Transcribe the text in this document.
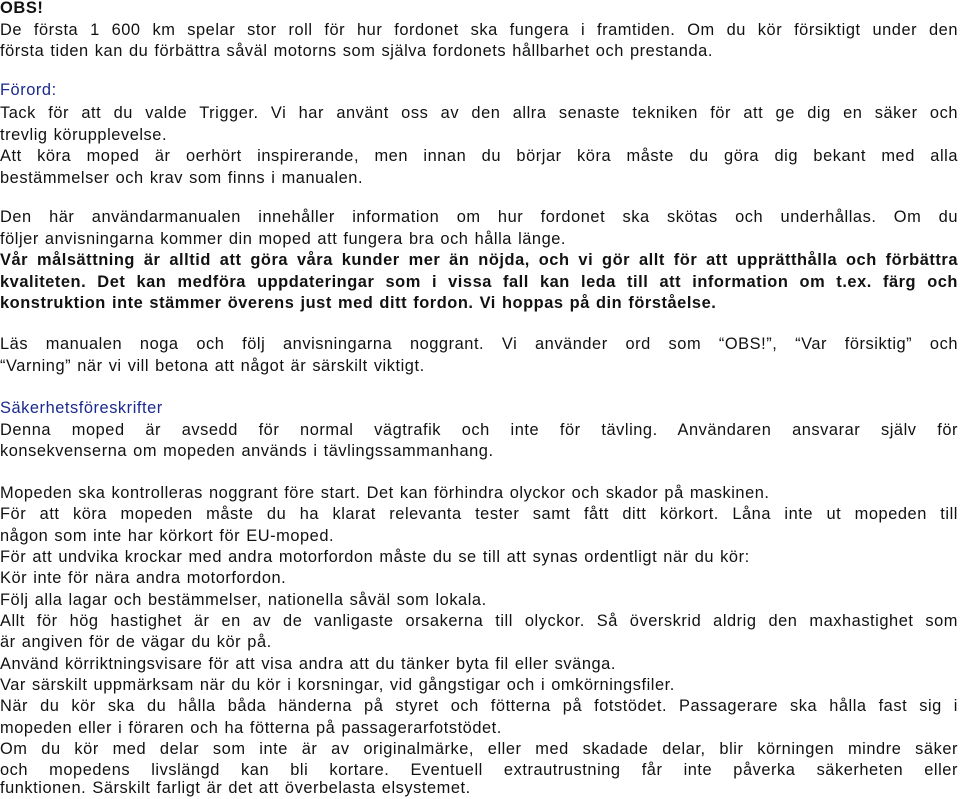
OBS!
De första 1 600 km spelar stor roll för hur fordonet ska fungera i framtiden. Om du kör försiktigt under den
första tiden kan du förbättra såväl motorns som själva fordonets hållbarhet och prestanda.
Förord:
Tack för att du valde Trigger. Vi har använt oss av den allra senaste tekniken för att ge dig en säker och
trevlig körupplevelse.
Att köra moped är oerhört inspirerande, men innan du börjar köra måste du göra dig bekant med alla
bestämmelser och krav som finns i manualen.
Den här användarmanualen innehåller information om hur fordonet ska skötas och underhållas. Om du
följer anvisningarna kommer din moped att fungera bra och hålla länge.
Vår målsättning är alltid att göra våra kunder mer än nöjda, och vi gör allt för att upprätthålla och förbättra
kvaliteten. Det kan medföra uppdateringar som i vissa fall kan leda till att information om t.ex. färg och
konstruktion inte stämmer överens just med ditt fordon. Vi hoppas på din förståelse.
Läs manualen noga och följ anvisningarna noggrant. Vi använder ord som “OBS!”, “Var försiktig” och
“Varning” när vi vill betona att något är särskilt viktigt.
Säkerhetsföreskrifter
Denna moped är avsedd för normal vägtrafik och inte för tävling. Användaren ansvarar själv för
konsekvenserna om mopeden används i tävlingssammanhang.
Mopeden ska kontrolleras noggrant före start. Det kan förhindra olyckor och skador på maskinen.
För att köra mopeden måste du ha klarat relevanta tester samt fått ditt körkort. Låna inte ut mopeden till
någon som inte har körkort för EU-moped.
För att undvika krockar med andra motorfordon måste du se till att synas ordentligt när du kör:
Kör inte för nära andra motorfordon.
Följ alla lagar och bestämmelser, nationella såväl som lokala.
Allt för hög hastighet är en av de vanligaste orsakerna till olyckor. Så överskrid aldrig den maxhastighet som
är angiven för de vägar du kör på.
Använd körriktningsvisare för att visa andra att du tänker byta fil eller svänga.
Var särskilt uppmärksam när du kör i korsningar, vid gångstigar och i omkörningsfiler.
När du kör ska du hålla båda händerna på styret och fötterna på fotstödet. Passagerare ska hålla fast sig i
mopeden eller i föraren och ha fötterna på passagerarfotstödet.
Om du kör med delar som inte är av originalmärke, eller med skadade delar, blir körningen mindre säker
och mopedens livslängd kan bli kortare. Eventuell extrautrustning får inte påverka säkerheten eller
funktionen. Särskilt farligt är det att överbelasta elsystemet.
